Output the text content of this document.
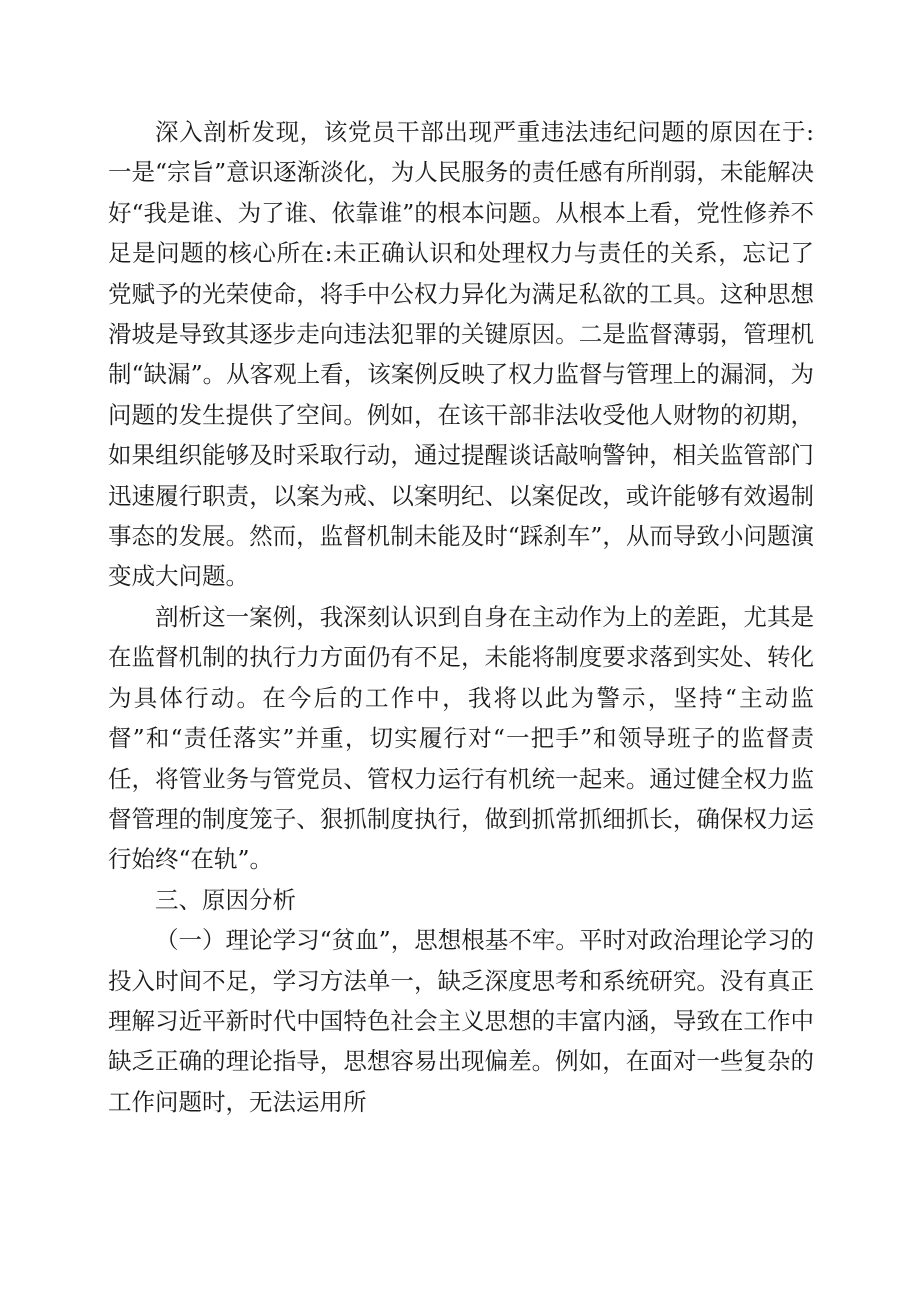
深入剖析发现，该党员干部出现严重违法违纪问题的原因在于:一是“宗旨”意识逐渐淡化，为人民服务的责任感有所削弱，未能解决好“我是谁、为了谁、依靠谁”的根本问题。从根本上看，党性修养不足是问题的核心所在:未正确认识和处理权力与责任的关系，忘记了党赋予的光荣使命，将手中公权力异化为满足私欲的工具。这种思想滑坡是导致其逐步走向违法犯罪的关键原因。二是监督薄弱，管理机制“缺漏”。从客观上看，该案例反映了权力监督与管理上的漏洞，为问题的发生提供了空间。例如，在该干部非法收受他人财物的初期，如果组织能够及时采取行动，通过提醒谈话敲响警钟，相关监管部门迅速履行职责，以案为戒、以案明纪、以案促改，或许能够有效遏制事态的发展。然而，监督机制未能及时“踩刹车”，从而导致小问题演变成大问题。

剖析这一案例，我深刻认识到自身在主动作为上的差距，尤其是在监督机制的执行力方面仍有不足，未能将制度要求落到实处、转化为具体行动。在今后的工作中，我将以此为警示，坚持“主动监督”和“责任落实”并重，切实履行对“一把手”和领导班子的监督责任，将管业务与管党员、管权力运行有机统一起来。通过健全权力监督管理的制度笼子、狠抓制度执行，做到抓常抓细抓长，确保权力运行始终“在轨”。

三、原因分析

（一）理论学习“贫血”，思想根基不牢。平时对政治理论学习的投入时间不足，学习方法单一，缺乏深度思考和系统研究。没有真正理解习近平新时代中国特色社会主义思想的丰富内涵，导致在工作中缺乏正确的理论指导，思想容易出现偏差。例如，在面对一些复杂的工作问题时，无法运用所
